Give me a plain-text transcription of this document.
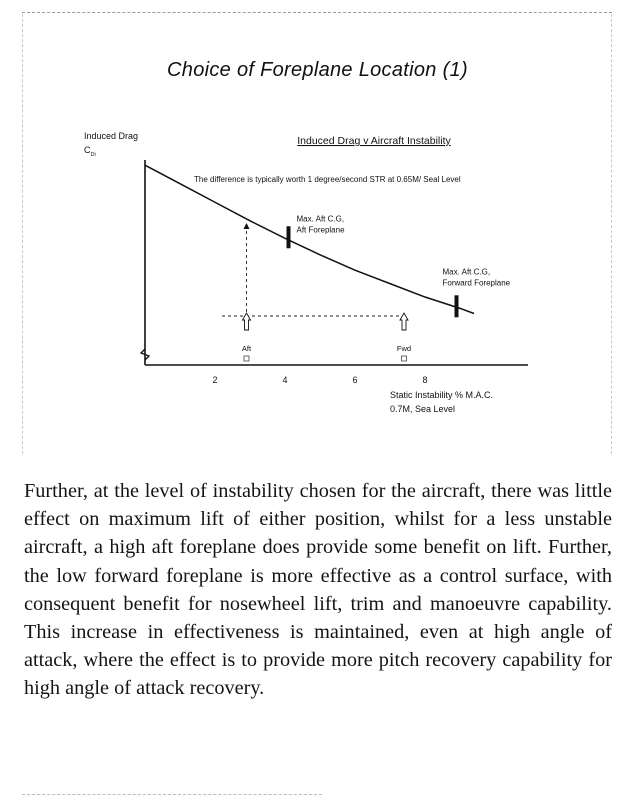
Choice of Foreplane Location (1)
Induced Drag v Aircraft Instability
The difference is typically worth 1 degree/second STR at 0.65M/ Seal Level
Induced Drag
$C_{Di}$
2	4	6	8
Max. Aft C.G,
Aft Foreplane
Max. Aft C.G,
Forward Foreplane
Aft	Fwd
Static Instability % M.A.C.
0.7M, Sea Level

Further, at the level of instability chosen for the aircraft, there was little effect on maximum lift of either position, whilst for a less unstable aircraft, a high aft foreplane does provide some benefit on lift. Further, the low forward foreplane is more effective as a control surface, with consequent benefit for nosewheel lift, trim and manoeuvre capability. This increase in effectiveness is maintained, even at high angle of attack, where the effect is to provide more pitch recovery capability for high angle of attack recovery.
